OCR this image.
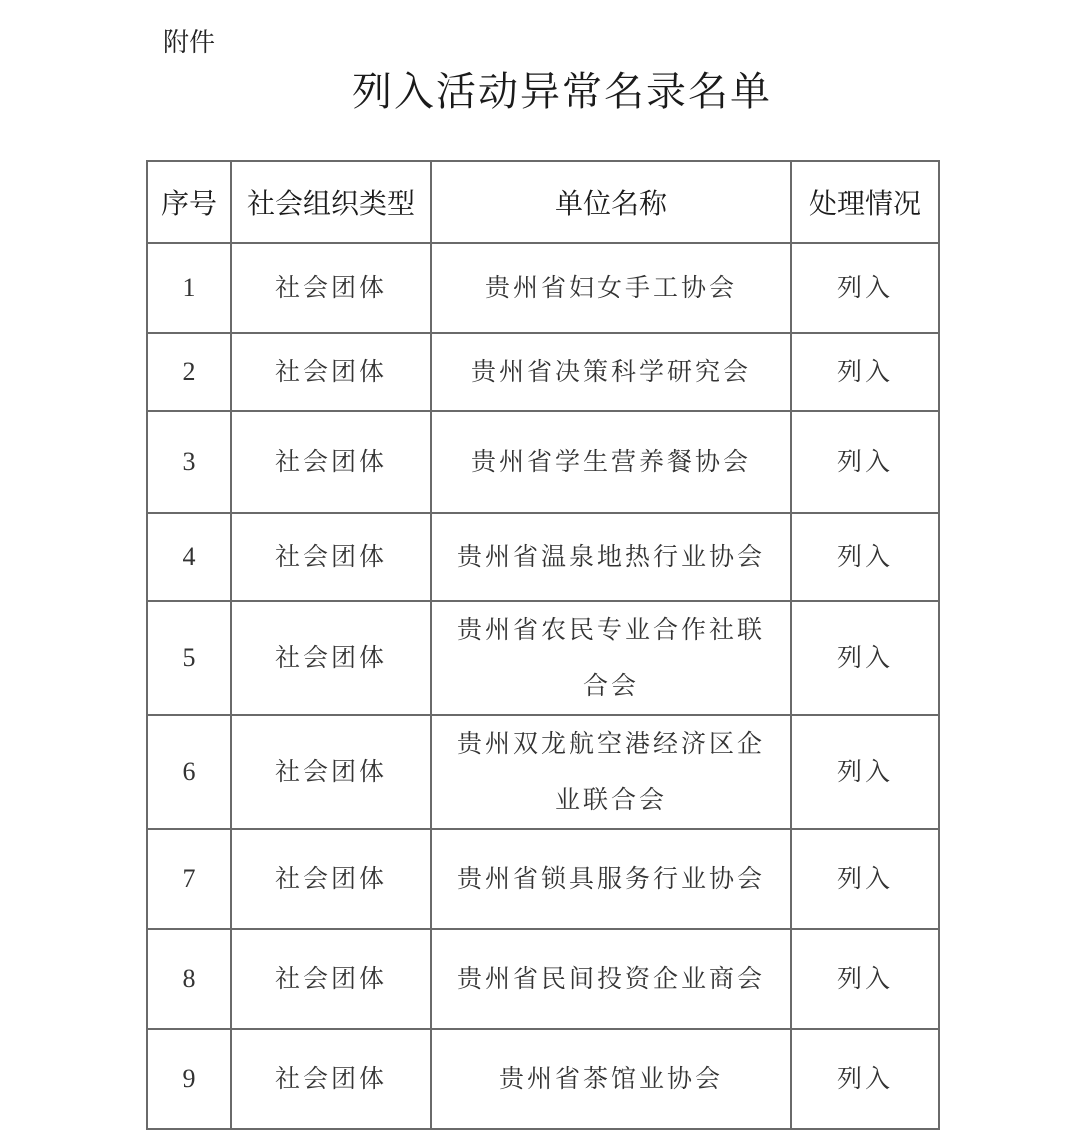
附件
列入活动异常名录名单
序号	社会组织类型	单位名称	处理情况
1	社会团体	贵州省妇女手工协会	列入
2	社会团体	贵州省决策科学研究会	列入
3	社会团体	贵州省学生营养餐协会	列入
4	社会团体	贵州省温泉地热行业协会	列入
5	社会团体	贵州省农民专业合作社联合会	列入
6	社会团体	贵州双龙航空港经济区企业联合会	列入
7	社会团体	贵州省锁具服务行业协会	列入
8	社会团体	贵州省民间投资企业商会	列入
9	社会团体	贵州省茶馆业协会	列入
